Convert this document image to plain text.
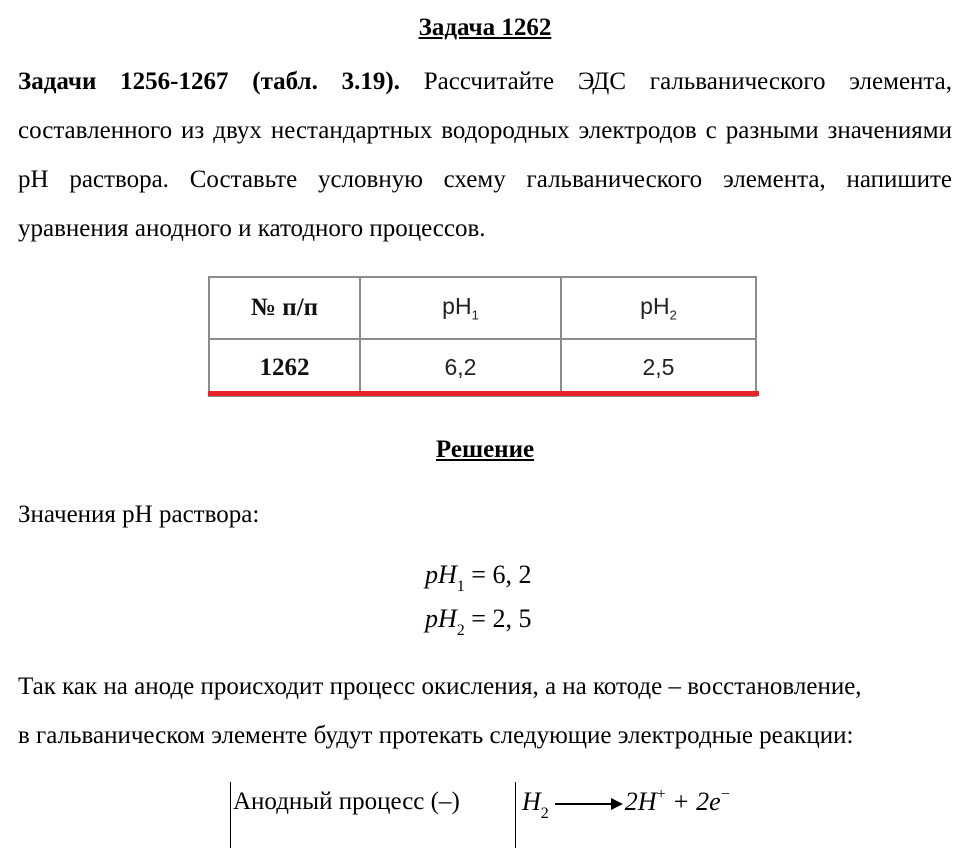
Задача 1262
Задачи 1256-1267 (табл. 3.19). Рассчитайте ЭДС гальванического элемента, составленного из двух нестандартных водородных электродов с разными значениями pH раствора. Составьте условную схему гальванического элемента, напишите уравнения анодного и катодного процессов.
№ п/п	$pH_1$	$pH_2$
1262	6,2	2,5
Решение
Значения pH раствора:
$pH_1 = 6$, 2
$pH_2 = 2$, 5
Так как на аноде происходит процесс окисления, а на котоде – восстановление,
в гальваническом элементе будут протекать следующие электродные реакции:
Анодный процесс (–) $H_2$	2H+ + 2e−
